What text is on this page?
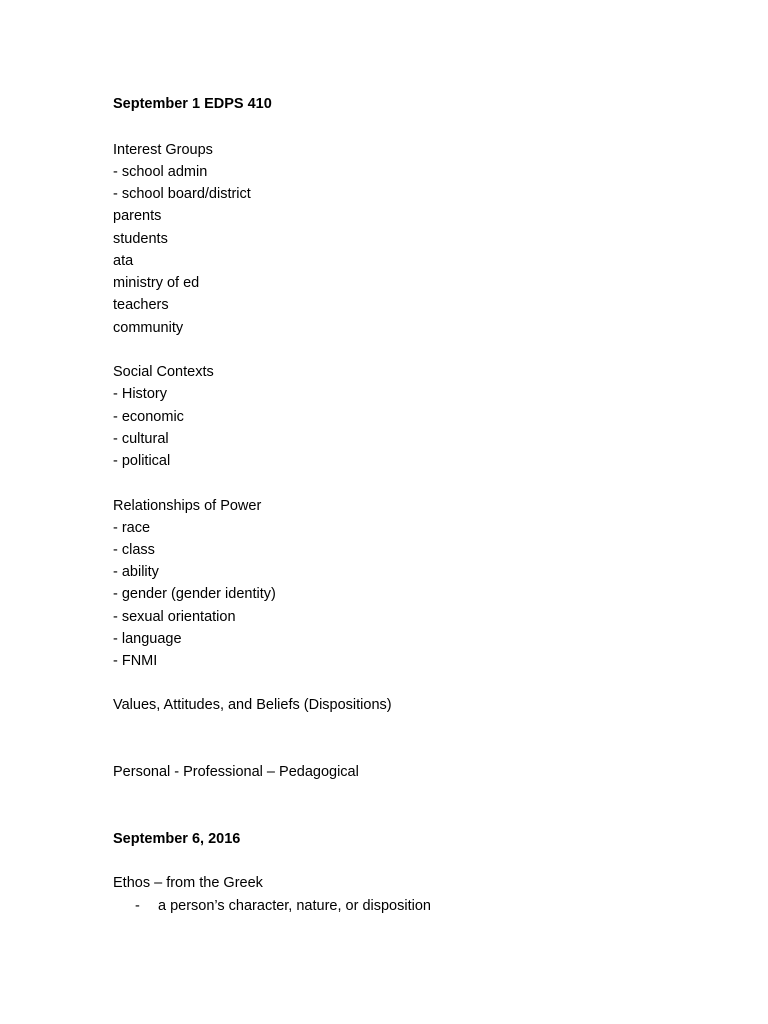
September 1 EDPS 410
Interest Groups
- school admin
- school board/district
parents
students
ata
ministry of ed
teachers
community
Social Contexts
- History
- economic
- cultural
- political
Relationships of Power
- race
- class
- ability
- gender (gender identity)
- sexual orientation
- language
- FNMI
Values, Attitudes, and Beliefs (Dispositions)
Personal - Professional – Pedagogical
September 6, 2016
Ethos – from the Greek
- a person’s character, nature, or disposition
